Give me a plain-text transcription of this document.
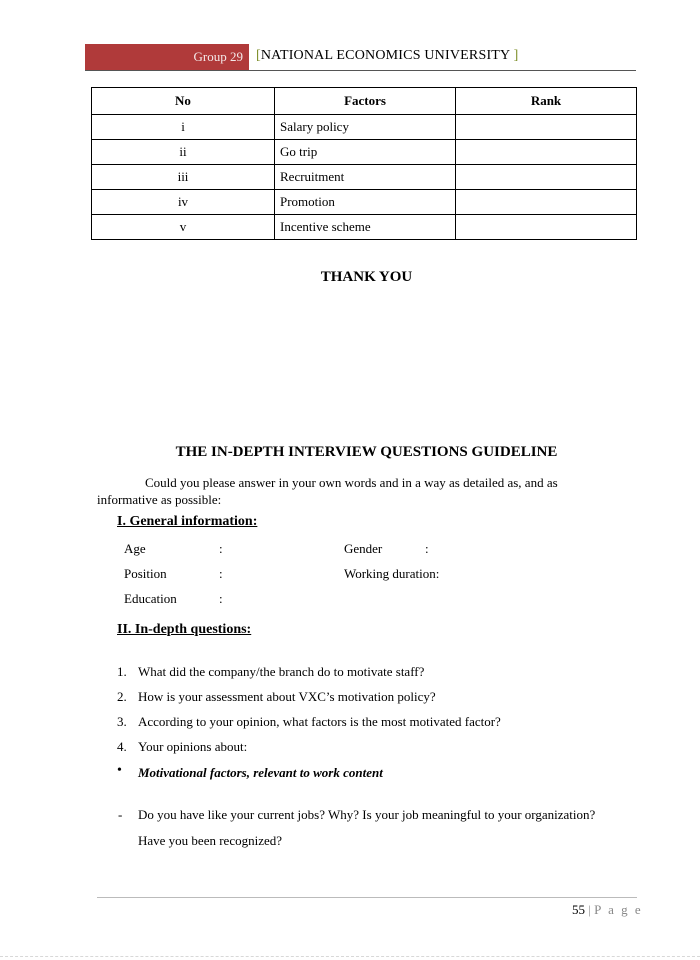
Group 29 [NATIONAL ECONOMICS UNIVERSITY ]
No	Factors	Rank
i	Salary policy	
ii	Go trip	
iii	Recruitment	
iv	Promotion	
v	Incentive scheme	
THANK YOU
THE IN-DEPTH INTERVIEW QUESTIONS GUIDELINE
Could you please answer in your own words and in a way as detailed as, and as informative as possible:
I. General information:
Age	:	Gender	:
Position	:	Working duration:
Education	:
II. In-depth questions:
1. What did the company/the branch do to motivate staff?
2. How is your assessment about VXC’s motivation policy?
3. According to your opinion, what factors is the most motivated factor?
4. Your opinions about:
• Motivational factors, relevant to work content
- Do you have like your current jobs? Why? Is your job meaningful to your organization?
Have you been recognized?
55 | P a g e
